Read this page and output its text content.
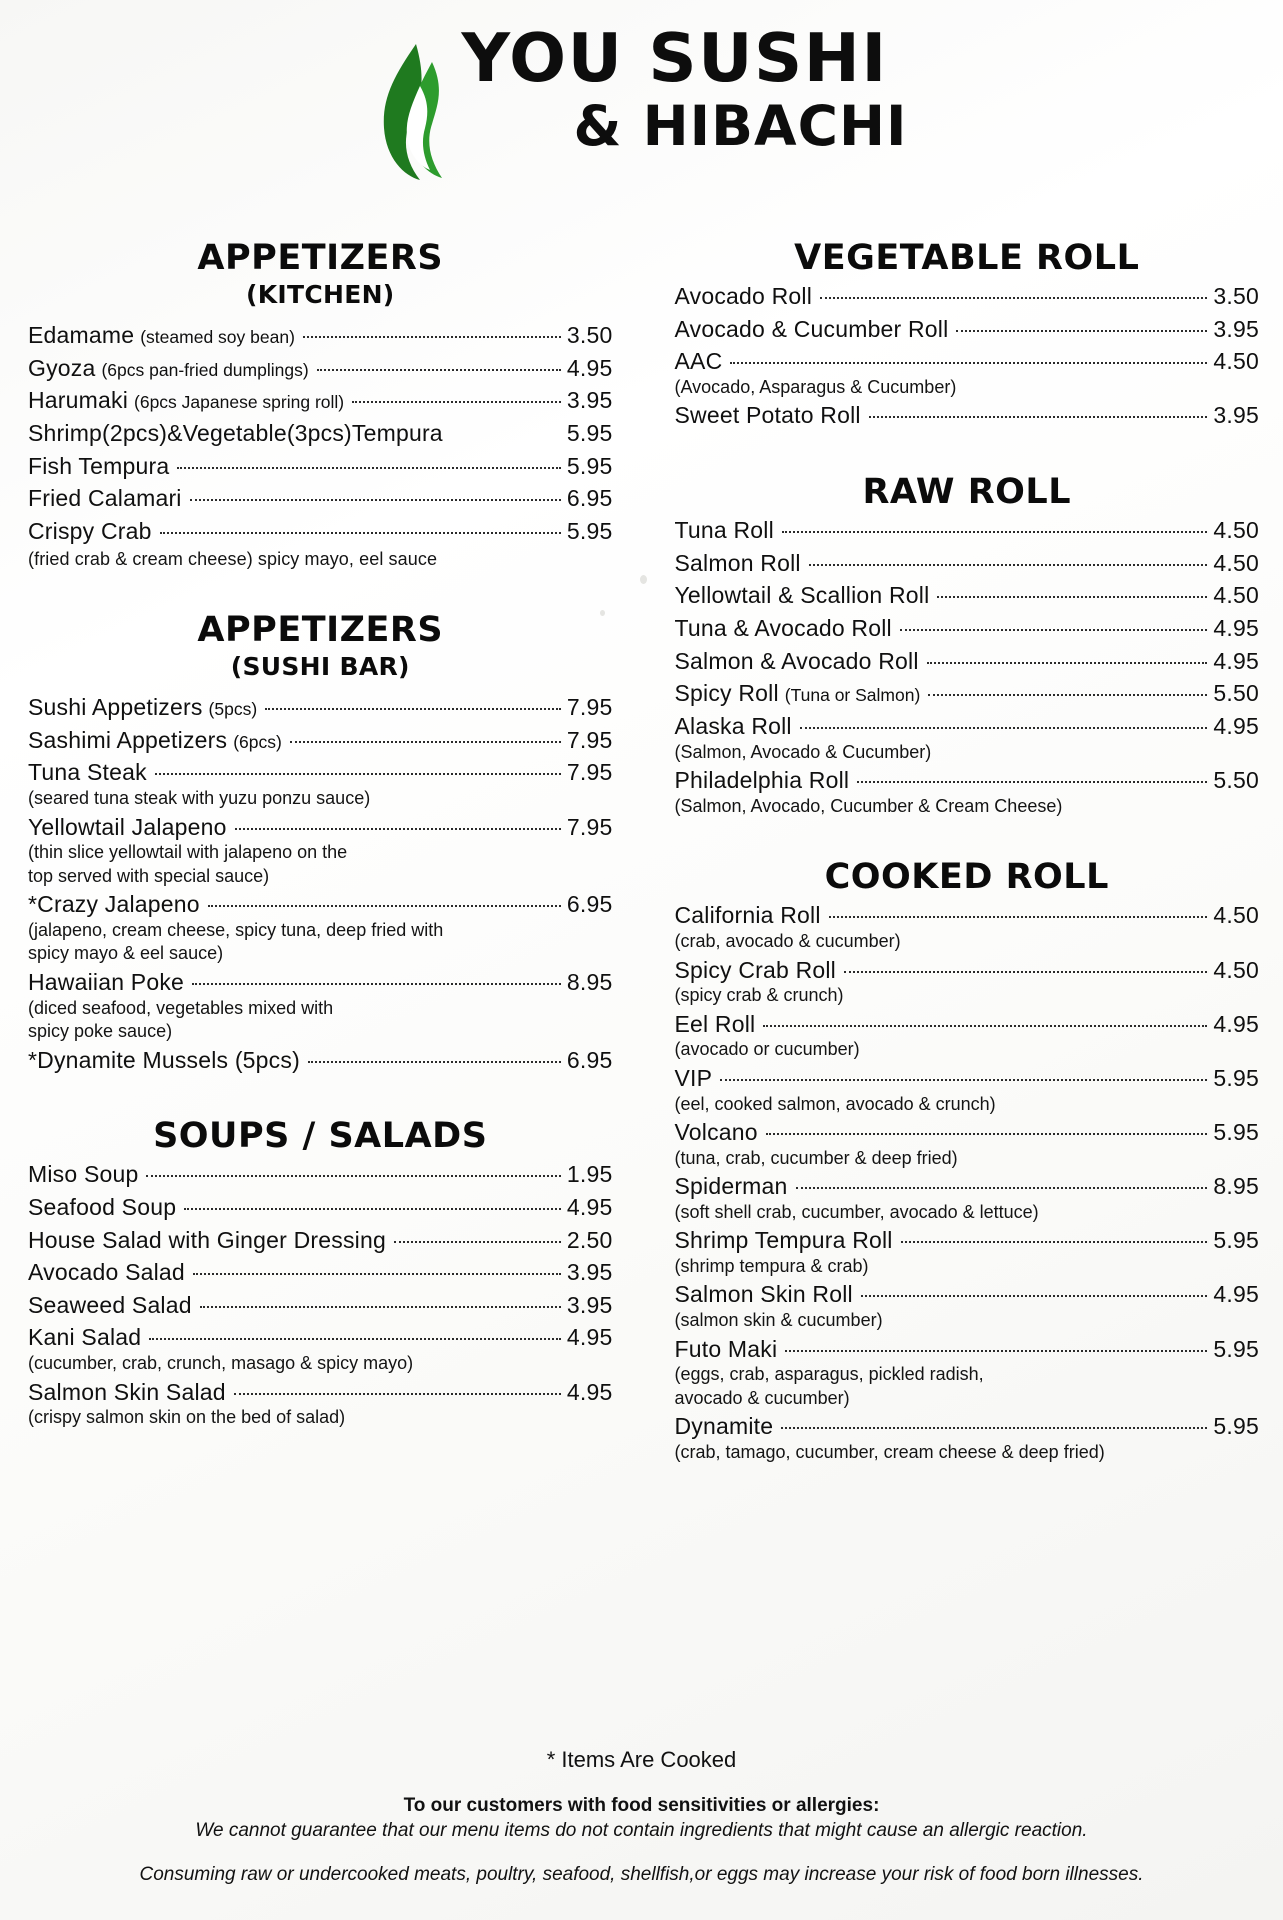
YOU SUSHI
& HIBACHI
APPETIZERS
(KITCHEN)
Edamame (steamed soy bean)	3.50
Gyoza (6pcs pan-fried dumplings)	4.95
Harumaki (6pcs Japanese spring roll)	3.95
Shrimp(2pcs)&Vegetable(3pcs)Tempura	5.95
Fish Tempura	5.95
Fried Calamari	6.95
Crispy Crab	5.95
(fried crab & cream cheese) spicy mayo, eel sauce
APPETIZERS
(SUSHI BAR)
Sushi Appetizers (5pcs)	7.95
Sashimi Appetizers (6pcs)	7.95
Tuna Steak	7.95
(seared tuna steak with yuzu ponzu sauce)
Yellowtail Jalapeno	7.95
(thin slice yellowtail with jalapeno on the
top served with special sauce)
*Crazy Jalapeno	6.95
(jalapeno, cream cheese, spicy tuna, deep fried with
spicy mayo & eel sauce)
Hawaiian Poke	8.95
(diced seafood, vegetables mixed with
spicy poke sauce)
*Dynamite Mussels (5pcs)	6.95
SOUPS / SALADS
Miso Soup	1.95
Seafood Soup	4.95
House Salad with Ginger Dressing	2.50
Avocado Salad	3.95
Seaweed Salad	3.95
Kani Salad	4.95
(cucumber, crab, crunch, masago & spicy mayo)
Salmon Skin Salad	4.95
(crispy salmon skin on the bed of salad)
VEGETABLE ROLL
Avocado Roll	3.50
Avocado & Cucumber Roll	3.95
AAC	4.50
(Avocado, Asparagus & Cucumber)
Sweet Potato Roll	3.95
RAW ROLL
Tuna Roll	4.50
Salmon Roll	4.50
Yellowtail & Scallion Roll	4.50
Tuna & Avocado Roll	4.95
Salmon & Avocado Roll	4.95
Spicy Roll (Tuna or Salmon)	5.50
Alaska Roll	4.95
(Salmon, Avocado & Cucumber)
Philadelphia Roll	5.50
(Salmon, Avocado, Cucumber & Cream Cheese)
COOKED ROLL
California Roll	4.50
(crab, avocado & cucumber)
Spicy Crab Roll	4.50
(spicy crab & crunch)
Eel Roll	4.95
(avocado or cucumber)
VIP	5.95
(eel, cooked salmon, avocado & crunch)
Volcano	5.95
(tuna, crab, cucumber & deep fried)
Spiderman	8.95
(soft shell crab, cucumber, avocado & lettuce)
Shrimp Tempura Roll	5.95
(shrimp tempura & crab)
Salmon Skin Roll	4.95
(salmon skin & cucumber)
Futo Maki	5.95
(eggs, crab, asparagus, pickled radish,
avocado & cucumber)
Dynamite	5.95
(crab, tamago, cucumber, cream cheese & deep fried)
* Items Are Cooked
To our customers with food sensitivities or allergies:
We cannot guarantee that our menu items do not contain ingredients that might cause an allergic reaction.
Consuming raw or undercooked meats, poultry, seafood, shellfish,or eggs may increase your risk of food born illnesses.
